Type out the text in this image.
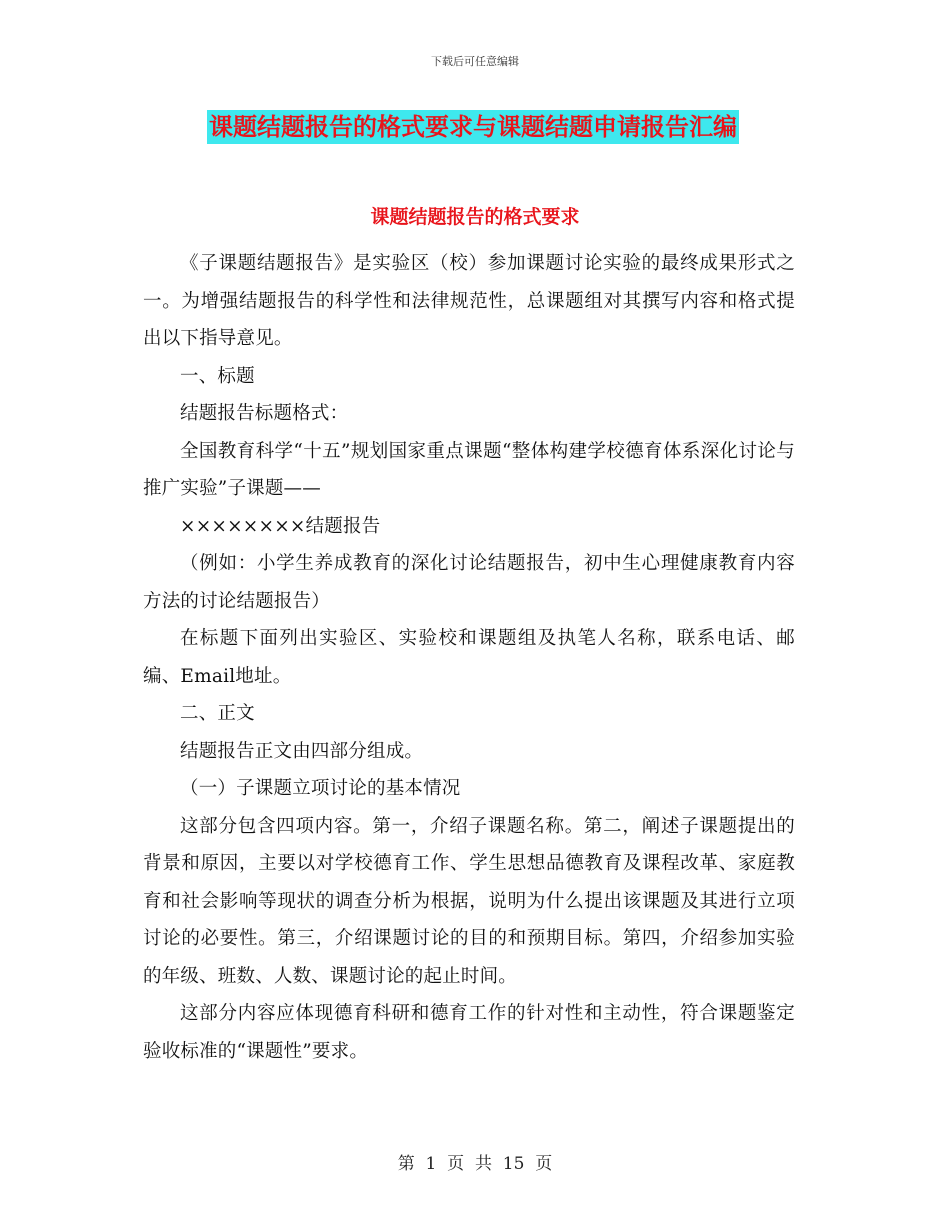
下载后可任意编辑
课题结题报告的格式要求与课题结题申请报告汇编
课题结题报告的格式要求

《子课题结题报告》是实验区（校）参加课题讨论实验的最终成果形式之一。为增强结题报告的科学性和法律规范性，总课题组对其撰写内容和格式提出以下指导意见。

一、标题

结题报告标题格式：

全国教育科学“十五”规划国家重点课题“整体构建学校德育体系深化讨论与推广实验”子课题——

××××××××结题报告

（例如：小学生养成教育的深化讨论结题报告，初中生心理健康教育内容方法的讨论结题报告）

在标题下面列出实验区、实验校和课题组及执笔人名称，联系电话、邮编、Email地址。

二、正文

结题报告正文由四部分组成。

（一）子课题立项讨论的基本情况

这部分包含四项内容。第一，介绍子课题名称。第二，阐述子课题提出的背景和原因，主要以对学校德育工作、学生思想品德教育及课程改革、家庭教育和社会影响等现状的调查分析为根据，说明为什么提出该课题及其进行立项讨论的必要性。第三，介绍课题讨论的目的和预期目标。第四，介绍参加实验的年级、班数、人数、课题讨论的起止时间。

这部分内容应体现德育科研和德育工作的针对性和主动性，符合课题鉴定验收标准的“课题性”要求。

第  1  页  共  15  页
